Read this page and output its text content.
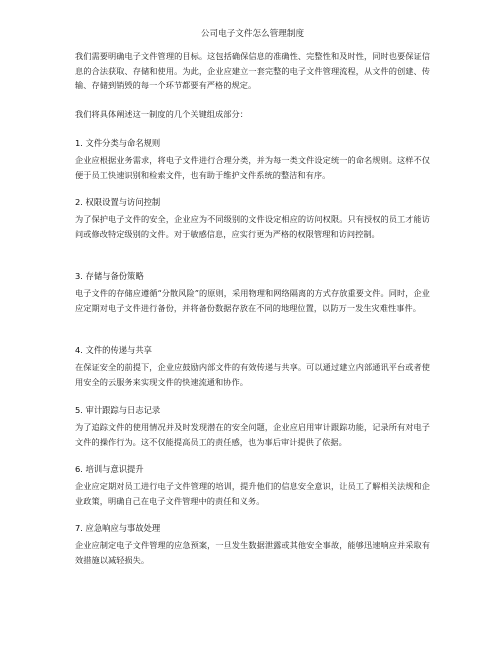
公司电子文件怎么管理制度

我们需要明确电子文件管理的目标。这包括确保信息的准确性、完整性和及时性，同时也要保证信息的合法获取、存储和使用。为此，企业应建立一套完整的电子文件管理流程，从文件的创建、传输、存储到销毁的每一个环节都要有严格的规定。

我们将具体阐述这一制度的几个关键组成部分：

1. 文件分类与命名规则

企业应根据业务需求，将电子文件进行合理分类，并为每一类文件设定统一的命名规则。这样不仅便于员工快速识别和检索文件，也有助于维护文件系统的整洁和有序。

2. 权限设置与访问控制

为了保护电子文件的安全，企业应为不同级别的文件设定相应的访问权限。只有授权的员工才能访问或修改特定级别的文件。对于敏感信息，应实行更为严格的权限管理和访问控制。

3. 存储与备份策略

电子文件的存储应遵循“分散风险”的原则，采用物理和网络隔离的方式存放重要文件。同时，企业应定期对电子文件进行备份，并将备份数据存放在不同的地理位置，以防万一发生灾难性事件。

4. 文件的传递与共享

在保证安全的前提下，企业应鼓励内部文件的有效传递与共享。可以通过建立内部通讯平台或者使用安全的云服务来实现文件的快速流通和协作。

5. 审计跟踪与日志记录

为了追踪文件的使用情况并及时发现潜在的安全问题，企业应启用审计跟踪功能，记录所有对电子文件的操作行为。这不仅能提高员工的责任感，也为事后审计提供了依据。

6. 培训与意识提升

企业应定期对员工进行电子文件管理的培训，提升他们的信息安全意识，让员工了解相关法规和企业政策，明确自己在电子文件管理中的责任和义务。

7. 应急响应与事故处理

企业应制定电子文件管理的应急预案，一旦发生数据泄露或其他安全事故，能够迅速响应并采取有效措施以减轻损失。
